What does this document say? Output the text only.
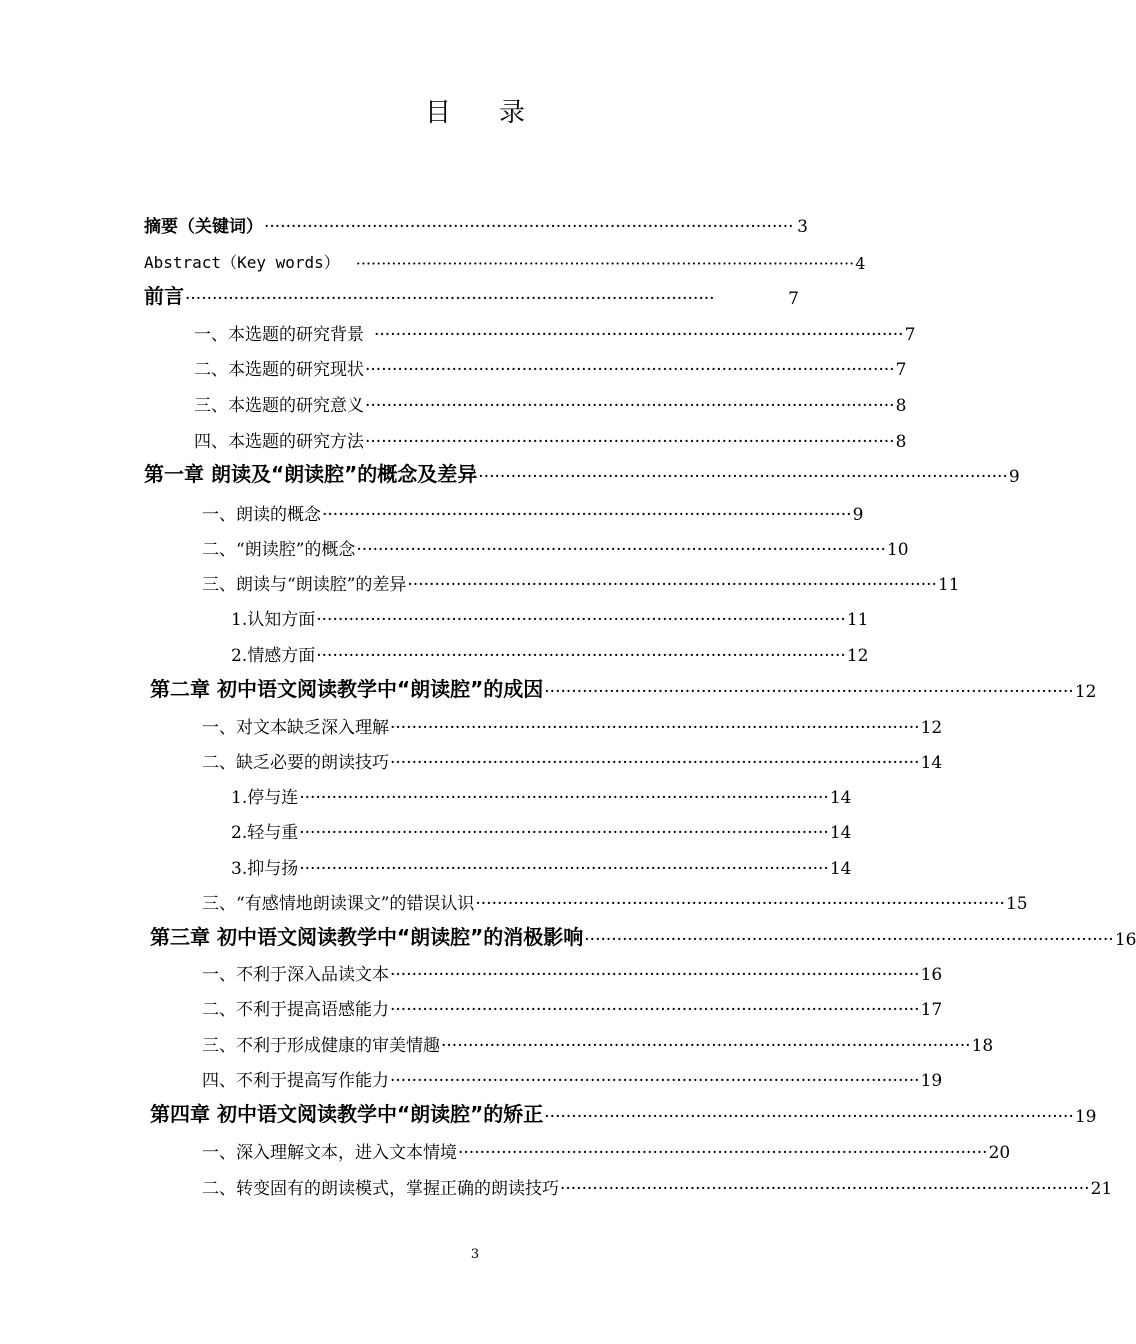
目录
摘要（关键词） ·································································································· 3
Abstract（Key words） ·································································································· 4
前言 ··································································································	7
一、本选题的研究背景 ·································································································· 7
二、本选题的研究现状 ·································································································· 7
三、本选题的研究意义 ·································································································· 8
四、本选题的研究方法 ·································································································· 8
第一章 朗读及“朗读腔”的概念及差异 ·································································································· 9
一、朗读的概念 ·································································································· 9
二、“朗读腔”的概念 ·································································································· 10
三、朗读与“朗读腔”的差异 ·································································································· 11
1.认知方面 ·································································································· 11
2.情感方面 ·································································································· 12
第二章 初中语文阅读教学中“朗读腔”的成因 ·································································································· 12
一、对文本缺乏深入理解 ·································································································· 12
二、缺乏必要的朗读技巧 ·································································································· 14
1.停与连 ·································································································· 14
2.轻与重 ·································································································· 14
3.抑与扬 ·································································································· 14
三、“有感情地朗读课文”的错误认识 ·································································································· 15
第三章 初中语文阅读教学中“朗读腔”的消极影响 ·································································································· 16
一、不利于深入品读文本 ·································································································· 16
二、不利于提高语感能力 ·································································································· 17
三、不利于形成健康的审美情趣 ·································································································· 18
四、不利于提高写作能力 ·································································································· 19
第四章 初中语文阅读教学中“朗读腔”的矫正 ·································································································· 19
一、深入理解文本，进入文本情境 ·································································································· 20
二、转变固有的朗读模式，掌握正确的朗读技巧 ·································································································· 21
3
